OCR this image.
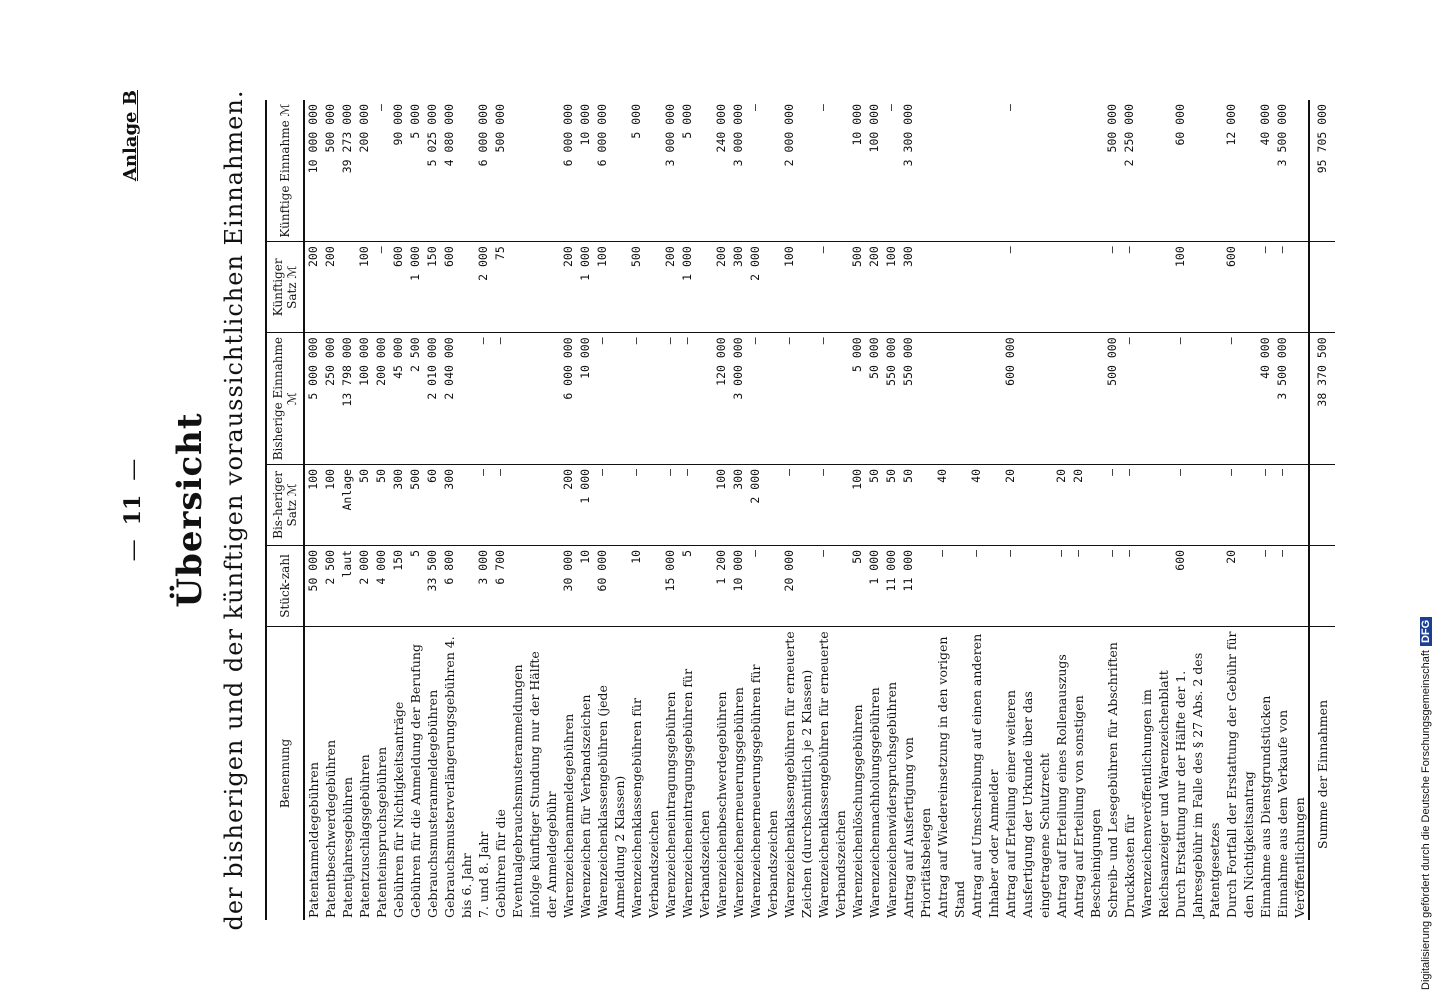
—11—
Anlage B
Übersicht der bisherigen und der künftigen voraussichtlichen Einnahmen.	Benennung	Stück-zahl	Bis-heriger Satz ℳ	Bisherige Einnahme ℳ	Künftiger Satz ℳ	Künftige Einnahme ℳ
Patentanmeldegebühren	50 000	100	5 000 000	200	10 000 000
Patentbeschwerdegebühren	2 500	100	250 000	200	500 000
Patentjahresgebühren	laut	Anlage	13 798 000		39 273 000
Patentzuschlagsgebühren	2 000	50	100 000	100	200 000
Patenteinspruchsgebühren	4 000	50	200 000	—	—
Gebühren für Nichtigkeitsanträge	150	300	45 000	600	90 000
Gebühren für die Anmeldung der Berufung	5	500	2 500	1 000	5 000
Gebrauchsmusteranmeldegebühren	33 500	60	2 010 000	150	5 025 000
Gebrauchsmusterverlängerungsgebühren 4. bis 6. Jahr	6 800	300	2 040 000	600	4 080 000
7. und 8. Jahr	3 000	—	—	2 000	6 000 000
Gebühren für die Eventualgebrauchsmusteranmeldungen infolge künftiger Stundung nur der Hälfte der Anmeldegebühr	6 700	—	—	75	500 000
Warenzeichenanmeldegebühren	30 000	200	6 000 000	200	6 000 000
Warenzeichen für Verbandszeichen	10	1 000	10 000	1 000	10 000
Warenzeichenklassengebühren (jede Anmeldung 2 Klassen)	60 000	—	—	100	6 000 000
Warenzeichenklassengebühren für Verbandszeichen	10	—	—	500	5 000
Warenzeicheneintragungsgebühren	15 000	—	—	200	3 000 000
Warenzeicheneintragungsgebühren für Verbandszeichen	5	—	—	1 000	5 000
Warenzeichenbeschwerdegebühren	1 200	100	120 000	200	240 000
Warenzeichenerneuerungsgebühren	10 000	300	3 000 000	300	3 000 000
Warenzeichenerneuerungsgebühren für Verbandszeichen	—	2 000	—	2 000	—
Warenzeichenklassengebühren für erneuerte Zeichen (durchschnittlich je 2 Klassen)	20 000	—	—	100	2 000 000
Warenzeichenklassengebühren für erneuerte Verbandszeichen	—	—	—	—	—
Warenzeichenlöschungsgebühren	50	100	5 000	500	10 000
Warenzeichennachholungsgebühren	1 000	50	50 000	200	100 000
Warenzeichenwiderspruchsgebühren	11 000	50	550 000	100	—
Antrag auf Ausfertigung von Prioritätsbelegen	11 000	50	550 000	300	3 300 000
Antrag auf Wiedereinsetzung in den vorigen Stand	—	40			
Antrag auf Umschreibung auf einen anderen Inhaber oder Anmelder	—	40			
Antrag auf Erteilung einer weiteren Ausfertigung der Urkunde über das eingetragene Schutzrecht	—	20	600 000	—	—
Antrag auf Erteilung eines Rollenauszugs	—	20			
Antrag auf Erteilung von sonstigen Bescheinigungen	—	20			
Schreib- und Lesegebühren für Abschriften	—	—	500 000	—	500 000
Druckkosten für Warenzeichenveröffentlichungen im Reichsanzeiger und Warenzeichenblatt	—	—	—	—	2 250 000
Durch Erstattung nur der Hälfte der 1. Jahresgebühr im Falle des § 27 Abs. 2 des Patentgesetzes	600	—	—	100	60 000
Durch Fortfall der Erstattung der Gebühr für den Nichtigkeitsantrag	20	—	—	600	12 000
Einnahme aus Dienstgrundstücken	—	—	40 000	—	40 000
Einnahme aus dem Verkaufe von Veröffentlichungen	—	—	3 500 000	—	3 500 000
Summe der Einnahmen			38 370 500		95 705 000
Digitalisierung gefördert durch die Deutsche ForschungsgemeinschaftDFG
